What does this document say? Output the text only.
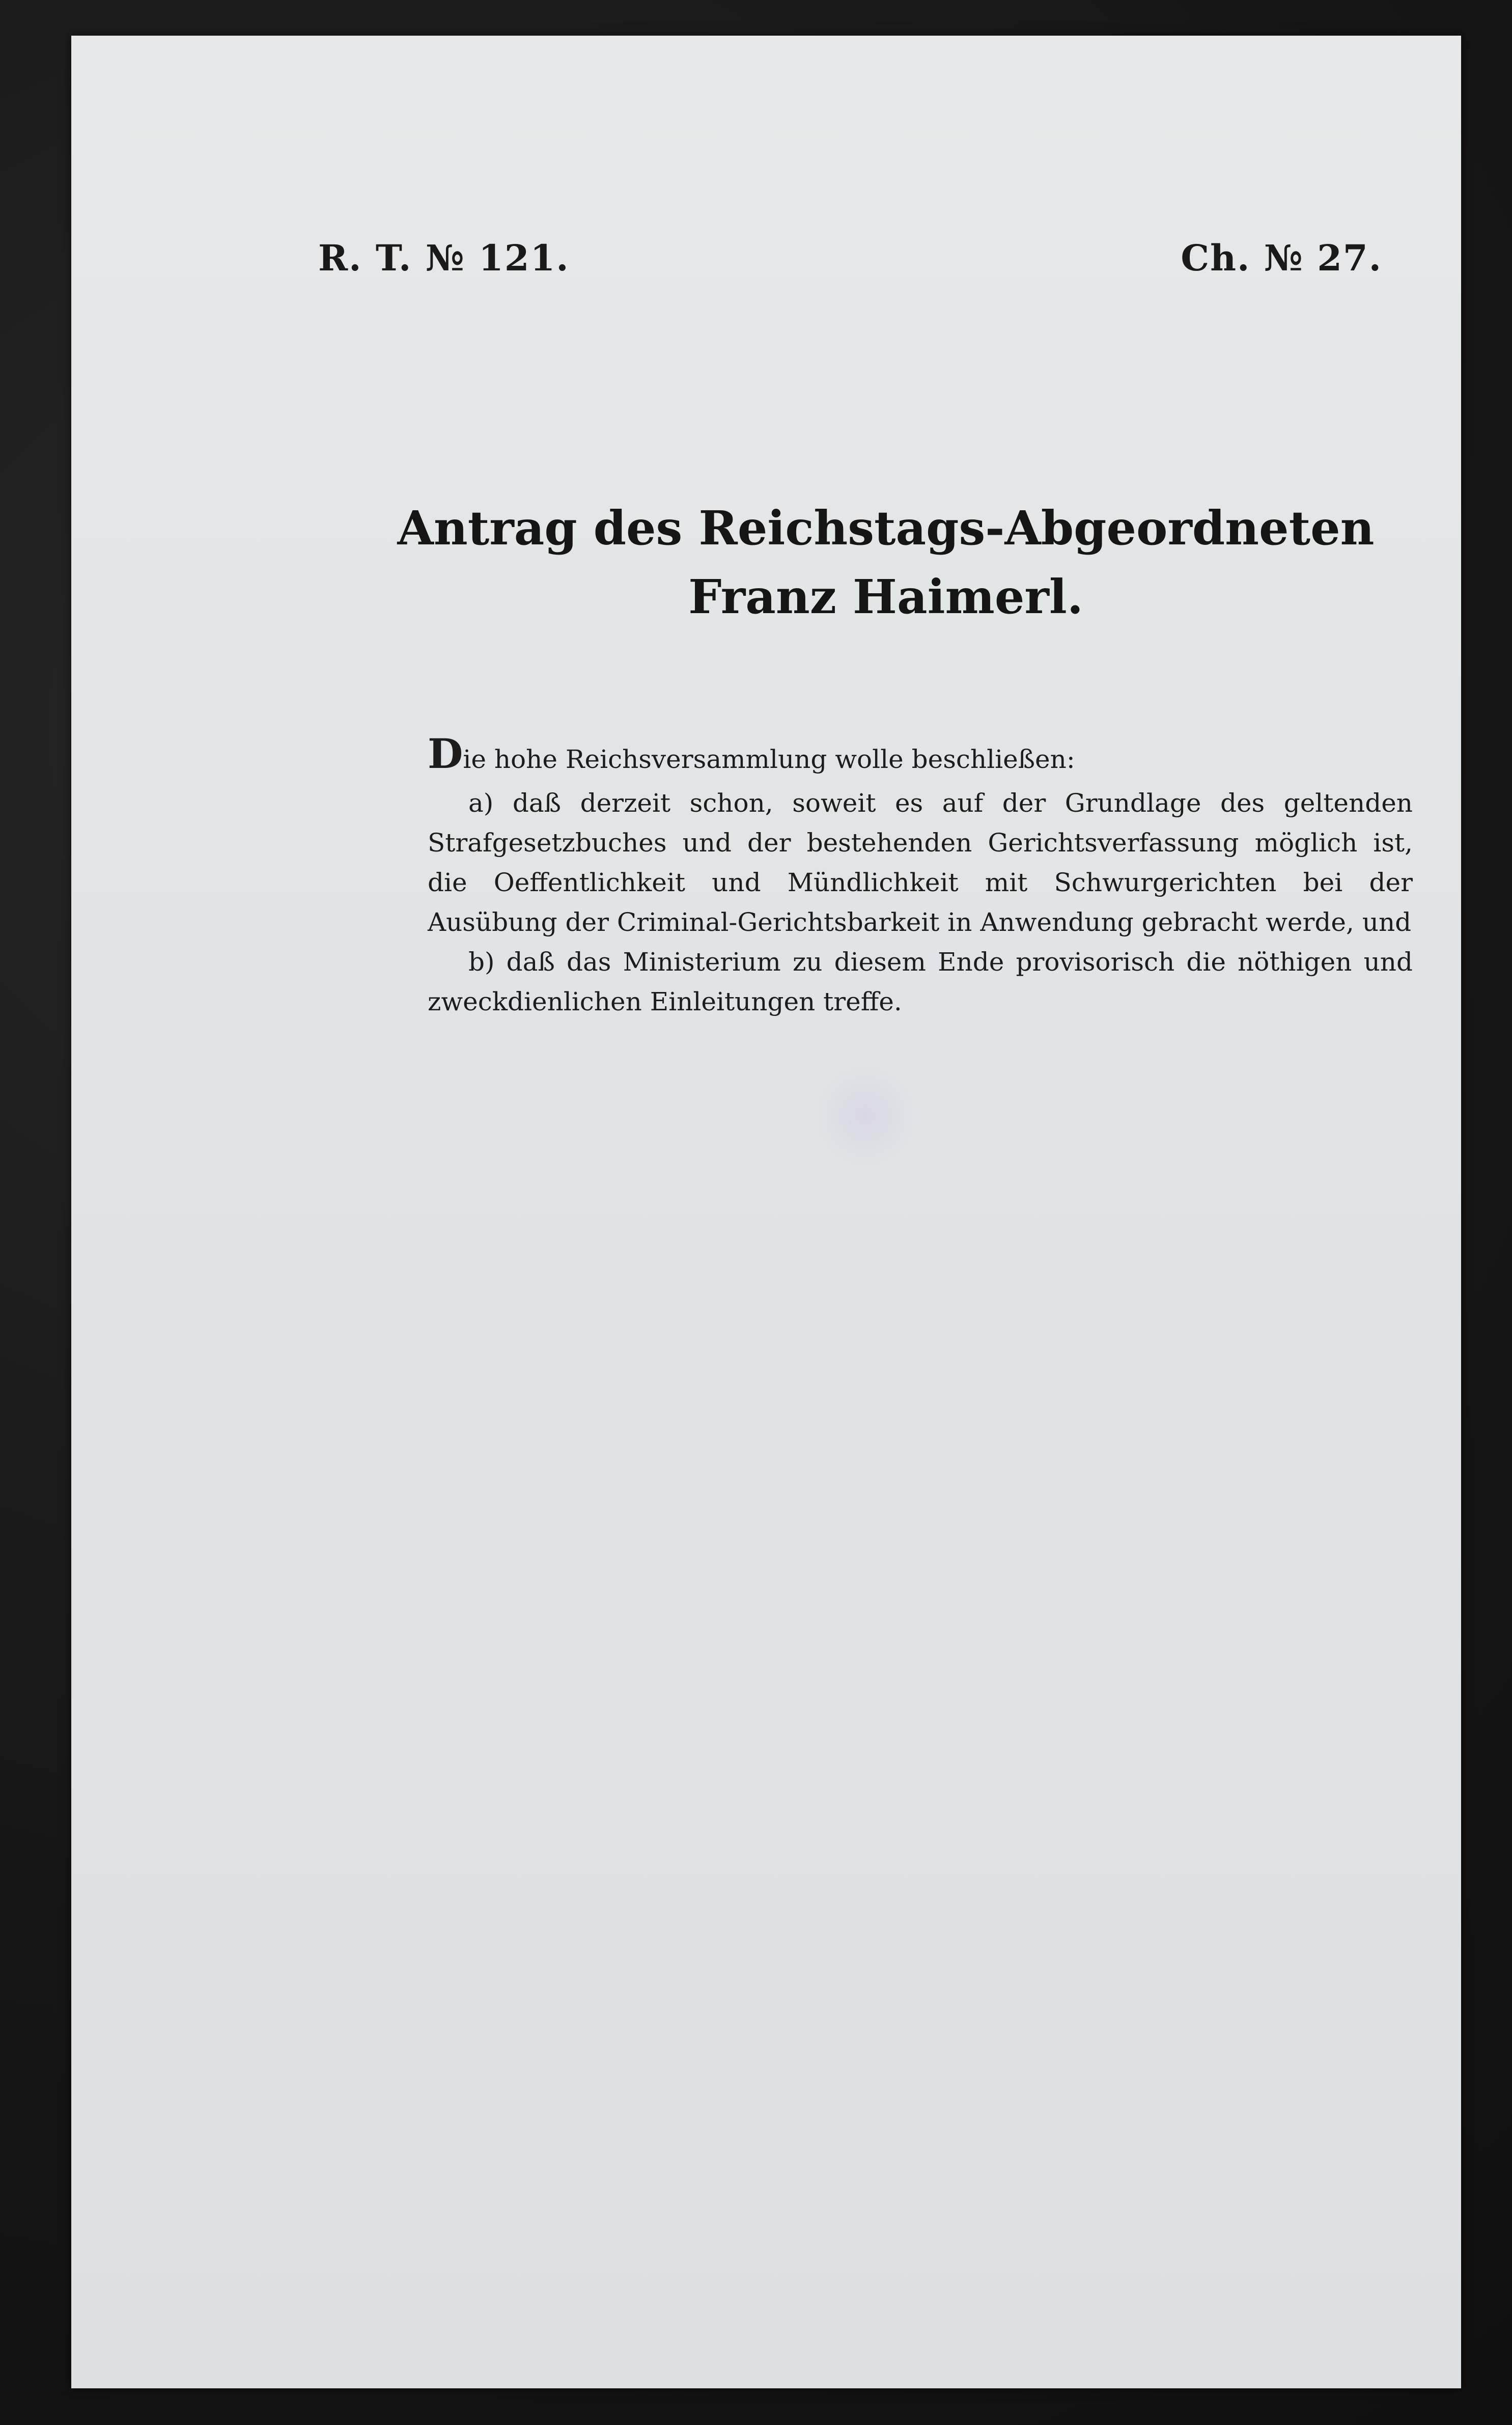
R. T. № 121.	Ch. № 27.
Antrag des Reichstags-Abgeordneten Franz Haimerl.

Die hohe Reichsversammlung wolle beschließen:

a) daß derzeit schon, soweit es auf der Grundlage des geltenden Strafgesetzbuches und der bestehenden Gerichtsverfassung möglich ist, die Oeffentlichkeit und Mündlichkeit mit Schwurgerichten bei der Ausübung der Criminal-Gerichtsbarkeit in Anwendung gebracht werde, und

b) daß das Ministerium zu diesem Ende provisorisch die nöthigen und zweckdienlichen Einleitungen treffe.
